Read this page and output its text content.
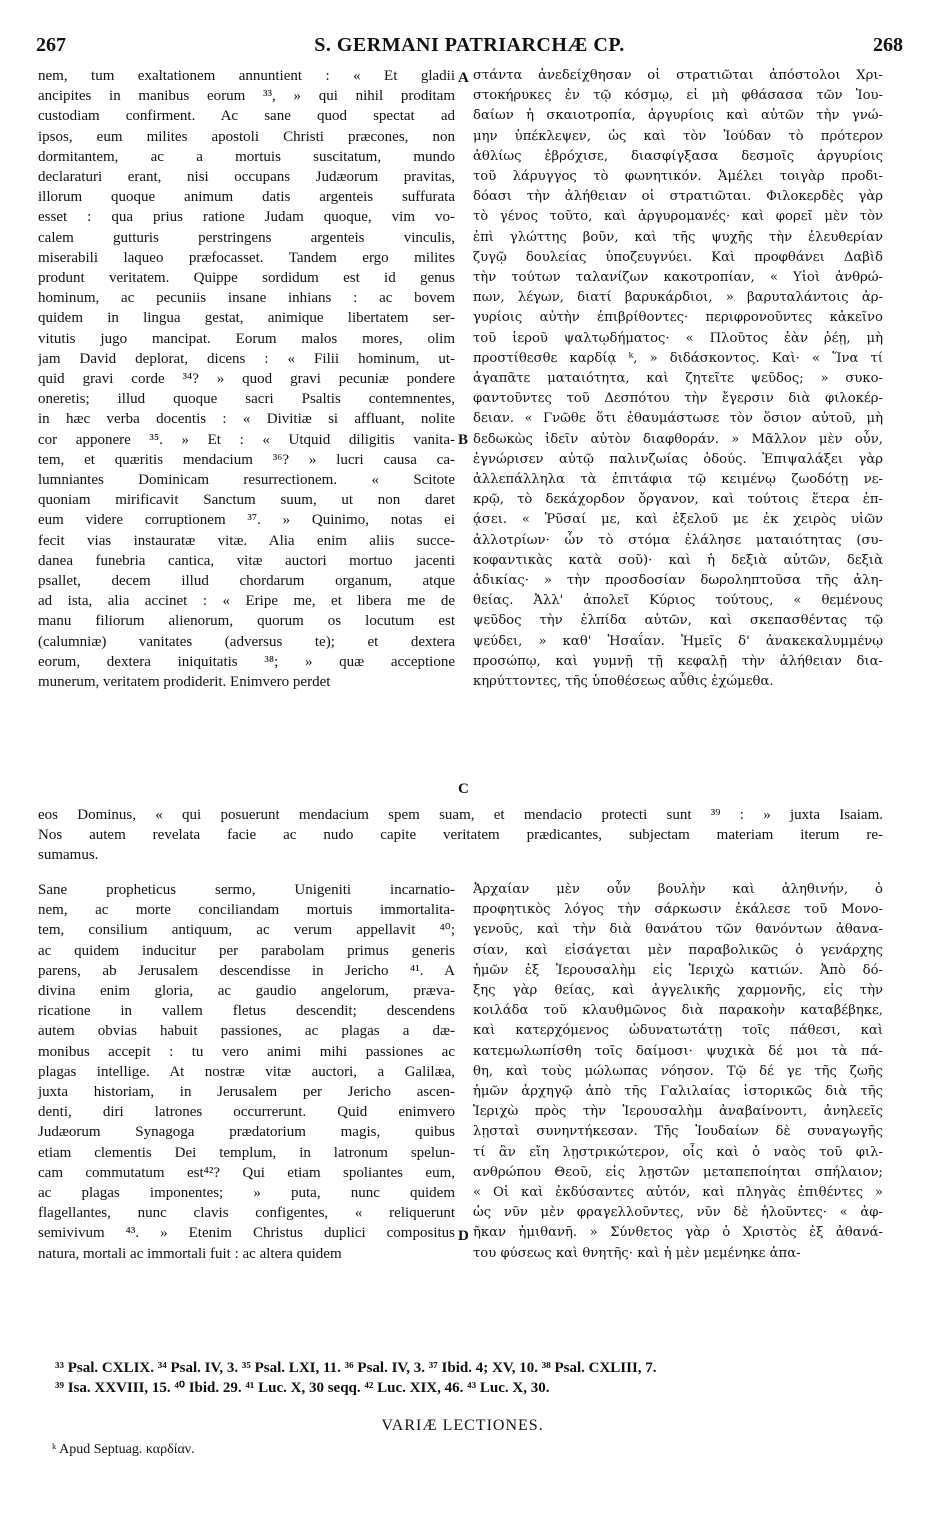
267	S. GERMANI PATRIARCHÆ CP.	268
nem, tum exaltationem annuntient : « Et gladii
ancipites in manibus eorum ³³, » qui nihil proditam
custodiam confirment. Ac sane quod spectat ad
ipsos, eum milites apostoli Christi præcones, non
dormitantem, ac a mortuis suscitatum, mundo
declaraturi erant, nisi occupans Judæorum pravitas,
illorum quoque animum datis argenteis suffurata
esset : qua prius ratione Judam quoque, vim vo-
calem gutturis perstringens argenteis vinculis,
miserabili laqueo præfocasset. Tandem ergo milites
produnt veritatem. Quippe sordidum est id genus
hominum, ac pecuniis insane inhians : ac bovem
quidem in lingua gestat, animique libertatem ser-
vitutis jugo mancipat. Eorum malos mores, olim
jam David deplorat, dicens : « Filii hominum, ut-
quid gravi corde ³⁴? » quod gravi pecuniæ pondere
oneretis; illud quoque sacri Psaltis contemnentes,
in hæc verba docentis : « Divitiæ si affluant, nolite
cor apponere ³⁵. » Et : « Utquid diligitis vanita-
tem, et quæritis mendacium ³⁶? » lucri causa ca-
lumniantes Dominicam resurrectionem. « Scitote
quoniam mirificavit Sanctum suum, ut non daret
eum videre corruptionem ³⁷. » Quinimo, notas ei
fecit vias instauratæ vitæ. Alia enim aliis succe-
danea funebria cantica, vitæ auctori mortuo jacenti
psallet, decem illud chordarum organum, atque
ad ista, alia accinet : « Eripe me, et libera me de
manu filiorum alienorum, quorum os locutum est
(calumniæ) vanitates (adversus te); et dextera
eorum, dextera iniquitatis ³⁸; » quæ acceptione
munerum, veritatem prodiderit. Enimvero perdet
στάντα ἀνεδείχθησαν οἱ στρατιῶται ἀπόστολοι Χρι-
στοκήρυκες ἐν τῷ κόσμῳ, εἰ μὴ φθάσασα τῶν Ἰου-
δαίων ἡ σκαιοτροπία, ἀργυρίοις καὶ αὐτῶν τὴν γνώ-
μην ὑπέκλεψεν, ὡς καὶ τὸν Ἰούδαν τὸ πρότερον
ἀθλίως ἐβρόχισε, διασφίγξασα δεσμοῖς ἀργυρίοις
τοῦ λάρυγγος τὸ φωνητικόν. Ἀμέλει τοιγὰρ προδι-
δόασι τὴν ἀλήθειαν οἱ στρατιῶται. Φιλοκερδὲς γὰρ
τὸ γένος τοῦτο, καὶ ἀργυρομανές· καὶ φορεῖ μὲν τὸν
ἐπὶ γλώττης βοῦν, καὶ τῆς ψυχῆς τὴν ἐλευθερίαν
ζυγῷ δουλείας ὑποζευγνύει. Καὶ προφθάνει Δαβὶδ
τὴν τούτων ταλανίζων κακοτροπίαν, « Υἱοὶ ἀνθρώ-
πων, λέγων, διατί βαρυκάρδιοι, » βαρυταλάντοις ἀρ-
γυρίοις αὐτὴν ἐπιβρίθοντες· περιφρονοῦντες κἀκεῖνο
τοῦ ἱεροῦ ψαλτῳδήματος· « Πλοῦτος ἐὰν ῥέῃ, μὴ
προστίθεσθε καρδίᾳ ᵏ, » διδάσκοντος. Καὶ· « Ἵνα τί
ἀγαπᾶτε ματαιότητα, καὶ ζητεῖτε ψεῦδος; » συκο-
φαντοῦντες τοῦ Δεσπότου τὴν ἔγερσιν διὰ φιλοκέρ-
δειαν. « Γνῶθε ὅτι ἐθαυμάστωσε τὸν ὅσιον αὐτοῦ, μὴ
δεδωκὼς ἰδεῖν αὐτὸν διαφθοράν. » Μᾶλλον μὲν οὖν,
ἐγνώρισεν αὐτῷ παλινζωίας ὁδούς. Ἐπιψαλάξει γὰρ
ἀλλεπάλληλα τὰ ἐπιτάφια τῷ κειμένῳ ζωοδότῃ νε-
κρῷ, τὸ δεκάχορδον ὄργανον, καὶ τούτοις ἕτερα ἐπ-
ᾴσει. « Ῥῦσαί με, καὶ ἐξελοῦ με ἐκ χειρὸς υἱῶν
ἀλλοτρίων· ὧν τὸ στόμα ἐλάλησε ματαιότητας (συ-
κοφαντικὰς κατὰ σοῦ)· καὶ ἡ δεξιὰ αὐτῶν, δεξιὰ
ἀδικίας· » τὴν προσδοσίαν δωροληπτοῦσα τῆς ἀλη-
θείας. Ἀλλ' ἀπολεῖ Κύριος τούτους, « θεμένους
ψεῦδος τὴν ἐλπίδα αὐτῶν, καὶ σκεπασθέντας τῷ
ψεύδει, » καθ' Ἡσαΐαν. Ἡμεῖς δ' ἀνακεκαλυμμένῳ
προσώπῳ, καὶ γυμνῇ τῇ κεφαλῇ τὴν ἀλήθειαν δια-
κηρύττοντες, τῆς ὑποθέσεως αὖθις ἐχώμεθα.
A
B
C
D
eos Dominus, « qui posuerunt mendacium spem suam, et mendacio protecti sunt ³⁹ : » juxta Isaiam.
Nos autem revelata facie ac nudo capite veritatem prædicantes, subjectam materiam iterum re-
sumamus.
Sane propheticus sermo, Unigeniti incarnatio-
nem, ac morte conciliandam mortuis immortalita-
tem, consilium antiquum, ac verum appellavit ⁴⁰;
ac quidem inducitur per parabolam primus generis
parens, ab Jerusalem descendisse in Jericho ⁴¹. A
divina enim gloria, ac gaudio angelorum, præva-
ricatione in vallem fletus descendit; descendens
autem obvias habuit passiones, ac plagas a dæ-
monibus accepit : tu vero animi mihi passiones ac
plagas intellige. At nostræ vitæ auctori, a Galilæa,
juxta historiam, in Jerusalem per Jericho ascen-
denti, diri latrones occurrerunt. Quid enimvero
Judæorum Synagoga prædatorium magis, quibus
etiam clementis Dei templum, in latronum spelun-
cam commutatum est⁴²? Qui etiam spoliantes eum,
ac plagas imponentes; » puta, nunc quidem
flagellantes, nunc clavis configentes, « reliquerunt
semivivum ⁴³. » Etenim Christus duplici compositus
natura, mortali ac immortali fuit : ac altera quidem
Ἀρχαίαν μὲν οὖν βουλὴν καὶ ἀληθινήν, ὁ
προφητικὸς λόγος τὴν σάρκωσιν ἐκάλεσε τοῦ Μονο-
γενοῦς, καὶ τὴν διὰ θανάτου τῶν θανόντων ἀθανα-
σίαν, καὶ εἰσάγεται μὲν παραβολικῶς ὁ γενάρχης
ἡμῶν ἐξ Ἱερουσαλὴμ εἰς Ἱεριχὼ κατιών. Ἀπὸ δό-
ξης γὰρ θείας, καὶ ἀγγελικῆς χαρμονῆς, εἰς τὴν
κοιλάδα τοῦ κλαυθμῶνος διὰ παρακοὴν καταβέβηκε,
καὶ κατερχόμενος ὠδυνατωτάτῃ τοῖς πάθεσι, καὶ
κατεμωλωπίσθη τοῖς δαίμοσι· ψυχικὰ δέ μοι τὰ πά-
θη, καὶ τοὺς μώλωπας νόησον. Τῷ δέ γε τῆς ζωῆς
ἡμῶν ἀρχηγῷ ἀπὸ τῆς Γαλιλαίας ἱστορικῶς διὰ τῆς
Ἱεριχὼ πρὸς τὴν Ἱερουσαλὴμ ἀναβαίνοντι, ἀνηλεεῖς
λῃσταὶ συνηντήκεσαν. Τῆς Ἰουδαίων δὲ συναγωγῆς
τί ἂν εἴη λῃστρικώτερον, οἷς καὶ ὁ ναὸς τοῦ φιλ-
ανθρώπου Θεοῦ, εἰς λῃστῶν μεταπεποίηται σπήλαιον;
« Οἱ καὶ ἐκδύσαντες αὐτόν, καὶ πληγὰς ἐπιθέντες »
ὡς νῦν μὲν φραγελλοῦντες, νῦν δὲ ἡλοῦντες· « ἀφ-
ῆκαν ἡμιθανῆ. » Σύνθετος γὰρ ὁ Χριστὸς ἐξ ἀθανά-
του φύσεως καὶ θνητῆς· καὶ ἡ μὲν μεμένηκε ἀπα-
³³ Psal. CXLIX. ³⁴ Psal. IV, 3. ³⁵ Psal. LXI, 11. ³⁶ Psal. IV, 3. ³⁷ Ibid. 4; XV, 10. ³⁸ Psal. CXLIII, 7.
³⁹ Isa. XXVIII, 15. ⁴⁰ Ibid. 29. ⁴¹ Luc. X, 30 seqq. ⁴² Luc. XIX, 46. ⁴³ Luc. X, 30.
VARIÆ LECTIONES.
ᵏ Apud Septuag. καρδίαν.
